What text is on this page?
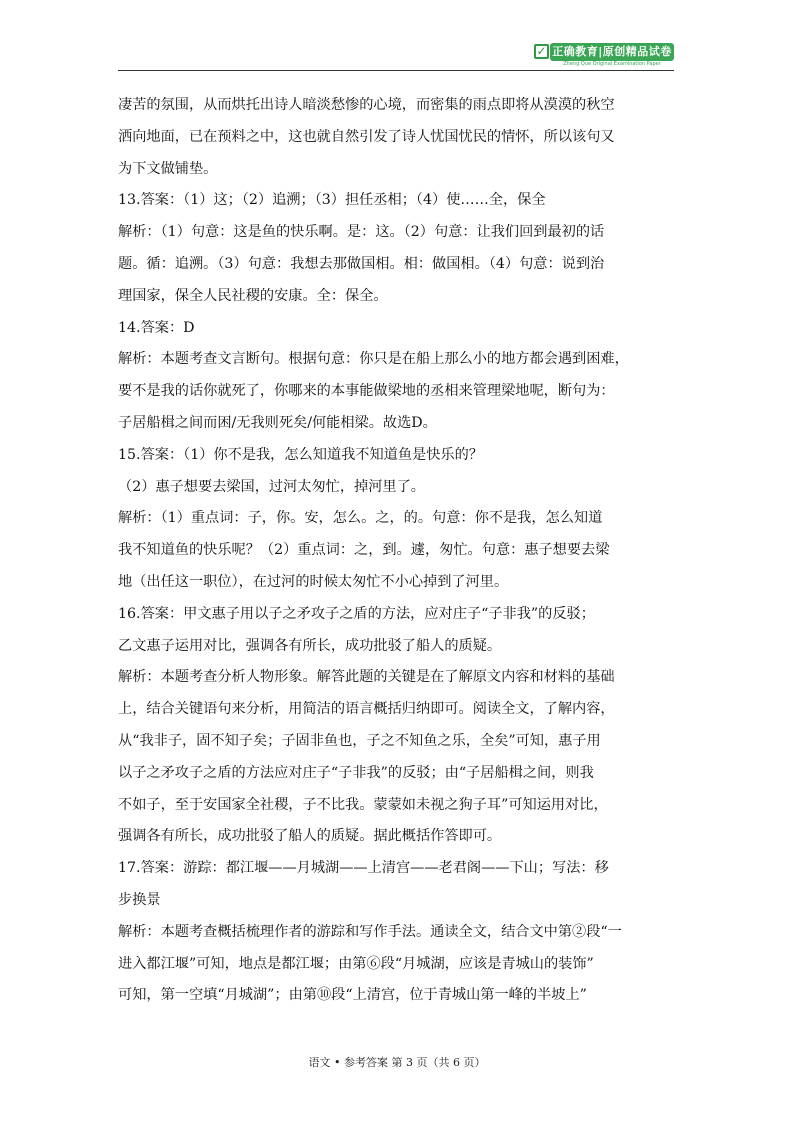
✓ 正确教育|原创精品试卷
Zheng Que Original Examination Paper

凄苦的氛围，从而烘托出诗人暗淡愁惨的心境，而密集的雨点即将从漠漠的秋空

洒向地面，已在预料之中，这也就自然引发了诗人忧国忧民的情怀，所以该句又

为下文做铺垫。

13.答案：（1）这；（2）追溯；（3）担任丞相；（4）使……全，保全

解析：（1）句意：这是鱼的快乐啊。是：这。（2）句意：让我们回到最初的话

题。循：追溯。（3）句意：我想去那做国相。相：做国相。（4）句意：说到治

理国家，保全人民社稷的安康。全：保全。

14.答案：D

解析：本题考查文言断句。根据句意：你只是在船上那么小的地方都会遇到困难，

要不是我的话你就死了，你哪来的本事能做梁地的丞相来管理梁地呢，断句为：

子居船楫之间而困/无我则死矣/何能相梁。故选D。

15.答案：（1）你不是我，怎么知道我不知道鱼是快乐的？

（2）惠子想要去梁国，过河太匆忙，掉河里了。

解析：（1）重点词：子，你。安，怎么。之，的。句意：你不是我，怎么知道

我不知道鱼的快乐呢？（2）重点词：之，到。遽，匆忙。句意：惠子想要去梁

地（出任这一职位），在过河的时候太匆忙不小心掉到了河里。

16.答案：甲文惠子用以子之矛攻子之盾的方法，应对庄子“子非我”的反驳；

乙文惠子运用对比，强调各有所长，成功批驳了船人的质疑。

解析：本题考查分析人物形象。解答此题的关键是在了解原文内容和材料的基础

上，结合关键语句来分析，用简洁的语言概括归纳即可。阅读全文，了解内容，

从“我非子，固不知子矣；子固非鱼也，子之不知鱼之乐，全矣”可知，惠子用

以子之矛攻子之盾的方法应对庄子“子非我”的反驳；由“子居船楫之间，则我

不如子，至于安国家全社稷，子不比我。蒙蒙如未视之狗子耳”可知运用对比，

强调各有所长，成功批驳了船人的质疑。据此概括作答即可。

17.答案：游踪：都江堰——月城湖——上清宫——老君阁——下山；写法：移

步换景

解析：本题考查概括梳理作者的游踪和写作手法。通读全文，结合文中第②段“一

进入都江堰”可知，地点是都江堰；由第⑥段“月城湖，应该是青城山的装饰”

可知，第一空填“月城湖”；由第⑩段“上清宫，位于青城山第一峰的半坡上”

语文 • 参考答案 第 3 页（共 6 页）
